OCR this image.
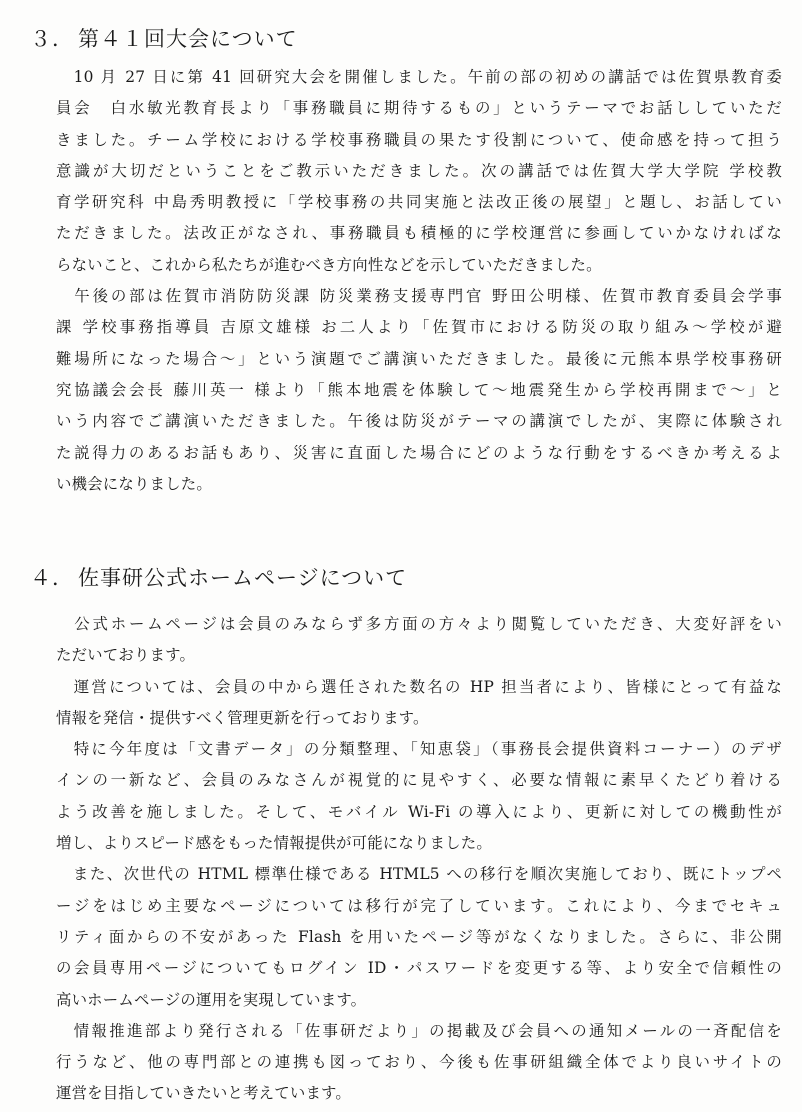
３． 第４１回大会について
　10 月 27 日に第 41 回研究大会を開催しました。午前の部の初めの講話では佐賀県教育委
員会　白水敏光教育長より「事務職員に期待するもの」というテーマでお話ししていただ
きました。チーム学校における学校事務職員の果たす役割について、使命感を持って担う
意識が大切だということをご教示いただきました。次の講話では佐賀大学大学院 学校教
育学研究科 中島秀明教授に「学校事務の共同実施と法改正後の展望」と題し、お話してい
ただきました。法改正がなされ、事務職員も積極的に学校運営に参画していかなければな
らないこと、これから私たちが進むべき方向性などを示していただきました。
　午後の部は佐賀市消防防災課 防災業務支援専門官 野田公明様、佐賀市教育委員会学事
課 学校事務指導員 吉原文雄様 お二人より「佐賀市における防災の取り組み～学校が避
難場所になった場合～」という演題でご講演いただきました。最後に元熊本県学校事務研
究協議会会長 藤川英一 様より「熊本地震を体験して～地震発生から学校再開まで～」と
いう内容でご講演いただきました。午後は防災がテーマの講演でしたが、実際に体験され
た説得力のあるお話もあり、災害に直面した場合にどのような行動をするべきか考えるよ
い機会になりました。
４． 佐事研公式ホームページについて
　公式ホームページは会員のみならず多方面の方々より閲覧していただき、大変好評をい
ただいております。
　運営については、会員の中から選任された数名の HP 担当者により、皆様にとって有益な
情報を発信・提供すべく管理更新を行っております。
　特に今年度は「文書データ」の分類整理、「知恵袋」（事務長会提供資料コーナー）のデザ
インの一新など、会員のみなさんが視覚的に見やすく、必要な情報に素早くたどり着ける
よう改善を施しました。そして、モバイル Wi-Fi の導入により、更新に対しての機動性が
増し、よりスピード感をもった情報提供が可能になりました。
　また、次世代の HTML 標準仕様である HTML5 への移行を順次実施しており、既にトップペ
ージをはじめ主要なページについては移行が完了しています。これにより、今までセキュ
リティ面からの不安があった Flash を用いたページ等がなくなりました。さらに、非公開
の会員専用ページについてもログイン ID・パスワードを変更する等、より安全で信頼性の
高いホームページの運用を実現しています。
　情報推進部より発行される「佐事研だより」の掲載及び会員への通知メールの一斉配信を
行うなど、他の専門部との連携も図っており、今後も佐事研組織全体でより良いサイトの
運営を目指していきたいと考えています。
